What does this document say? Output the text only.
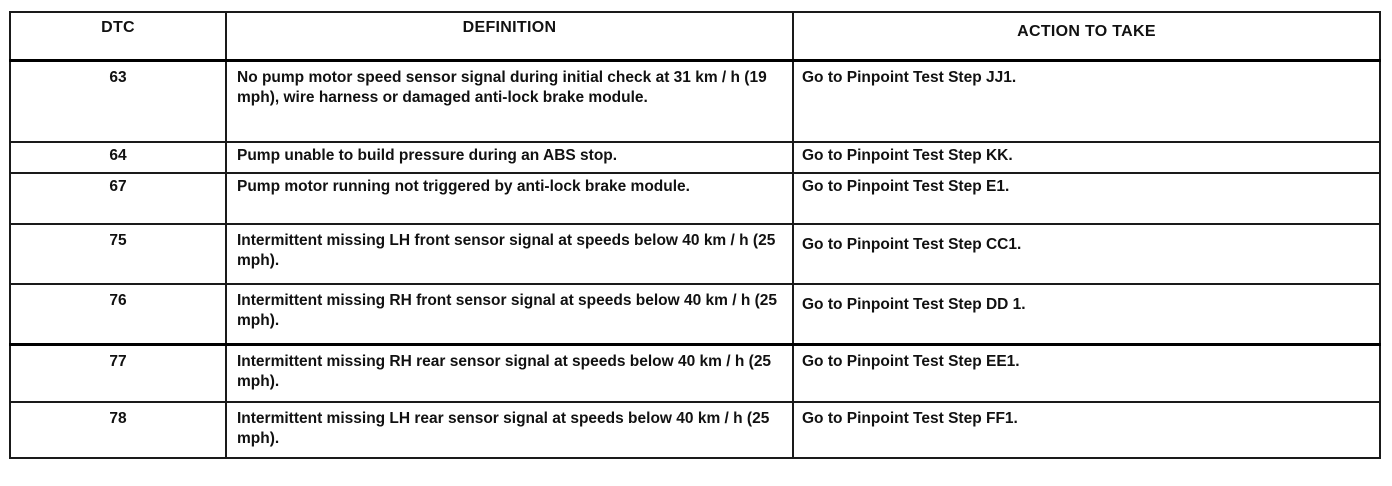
DTC	DEFINITION	ACTION TO TAKE
63	No pump motor speed sensor signal during initial check at 31 km / h (19 mph), wire harness or damaged anti-lock brake module.	Go to Pinpoint Test Step JJ1.
64	Pump unable to build pressure during an ABS stop.	Go to Pinpoint Test Step KK.
67	Pump motor running not triggered by anti-lock brake module.	Go to Pinpoint Test Step E1.
75	Intermittent missing LH front sensor signal at speeds below 40 km / h (25 mph).	Go to Pinpoint Test Step CC1.
76	Intermittent missing RH front sensor signal at speeds below 40 km / h (25 mph).	Go to Pinpoint Test Step DD 1.
77	Intermittent missing RH rear sensor signal at speeds below 40 km / h (25 mph).	Go to Pinpoint Test Step EE1.
78	Intermittent missing LH rear sensor signal at speeds below 40 km / h (25 mph).	Go to Pinpoint Test Step FF1.
